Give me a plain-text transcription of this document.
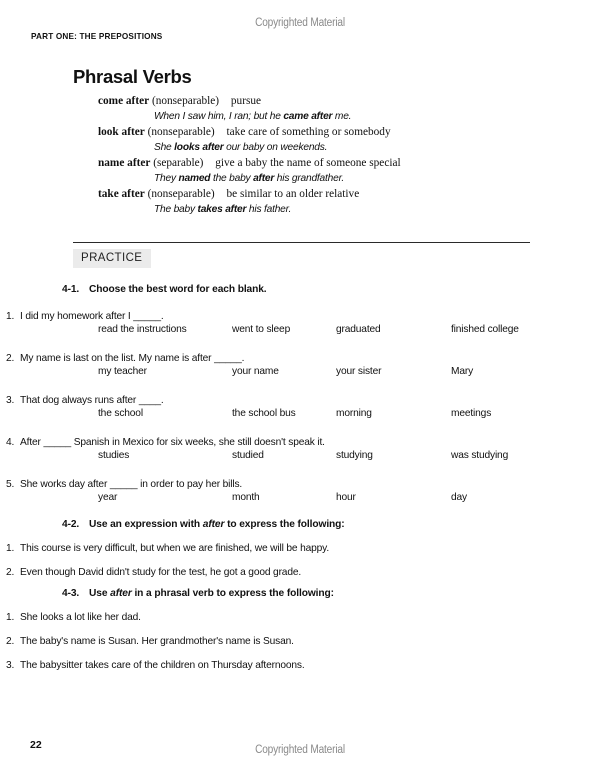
Copyrighted Material
PART ONE: THE PREPOSITIONS
Phrasal Verbs
come after (nonseparable) pursue
When I saw him, I ran; but he came after me.
look after (nonseparable) take care of something or somebody
She looks after our baby on weekends.
name after (separable) give a baby the name of someone special
They named the baby after his grandfather.
take after (nonseparable) be similar to an older relative
The baby takes after his father.
PRACTICE
4-1. Choose the best word for each blank.
1. I did my homework after I _____.
read the instructions	went to sleep	graduated	finished college
2. My name is last on the list. My name is after _____.
my teacher	your name	your sister	Mary
3. That dog always runs after ____.
the school	the school bus	morning	meetings
4. After _____ Spanish in Mexico for six weeks, she still doesn't speak it.
studies	studied	studying	was studying
5. She works day after _____ in order to pay her bills.
year	month	hour	day
4-2. Use an expression with after to express the following:
1. This course is very difficult, but when we are finished, we will be happy.
2. Even though David didn't study for the test, he got a good grade.
4-3. Use after in a phrasal verb to express the following:
1. She looks a lot like her dad.
2. The baby's name is Susan. Her grandmother's name is Susan.
3. The babysitter takes care of the children on Thursday afternoons.
22	Copyrighted Material
